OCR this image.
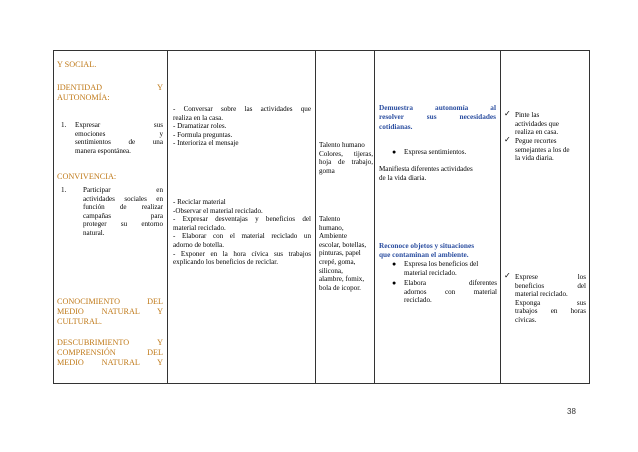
Y SOCIAL.
IDENTIDAD	Y
AUTONOMÍA:
1. Expresar sus
emociones y
sentimientos de una
manera espontánea.
CONVIVENCIA:
1. Participar en
actividades sociales en
función de realizar
campañas para
proteger su entorno
natural.
CONOCIMIENTO DEL
MEDIO NATURAL Y
CULTURAL.
DESCUBRIMIENTO Y
COMPRENSIÓN DEL
MEDIO NATURAL Y

- Conversar sobre las actividades que
realiza en la casa.
- Dramatizar roles.
- Formula preguntas.
- Interioriza el mensaje
- Reciclar material
-Observar el material reciclado.
- Expresar desventajas y beneficios del
material reciclado.
- Elaborar con el material reciclado un
adorno de botella.
- Exponer en la hora cívica sus trabajos
explicando los beneficios de reciclar.

Talento humano
Colores, tijeras,
hoja de trabajo,
goma
Talento
humano,
Ambiente
escolar, botellas,
pinturas, papel
crepé, goma,
silicona,
alambre, fomix,
bola de icopor.

Demuestra autonomía al
resolver sus necesidades
cotidianas.
● Expresa sentimientos.
Manifiesta diferentes actividades
de la vida diaria.
Reconoce objetos y situaciones
que contaminan el ambiente.
● Expresa los beneficios del
material reciclado.
● Elabora diferentes
adornos con material
reciclado.

✓ Pinte las
actividades que
realiza en casa.
✓ Pegue recortes
semejantes a los de
la vida diaria.
✓ Exprese los
beneficios del
material reciclado.
Exponga sus
trabajos en horas
cívicas.
38
